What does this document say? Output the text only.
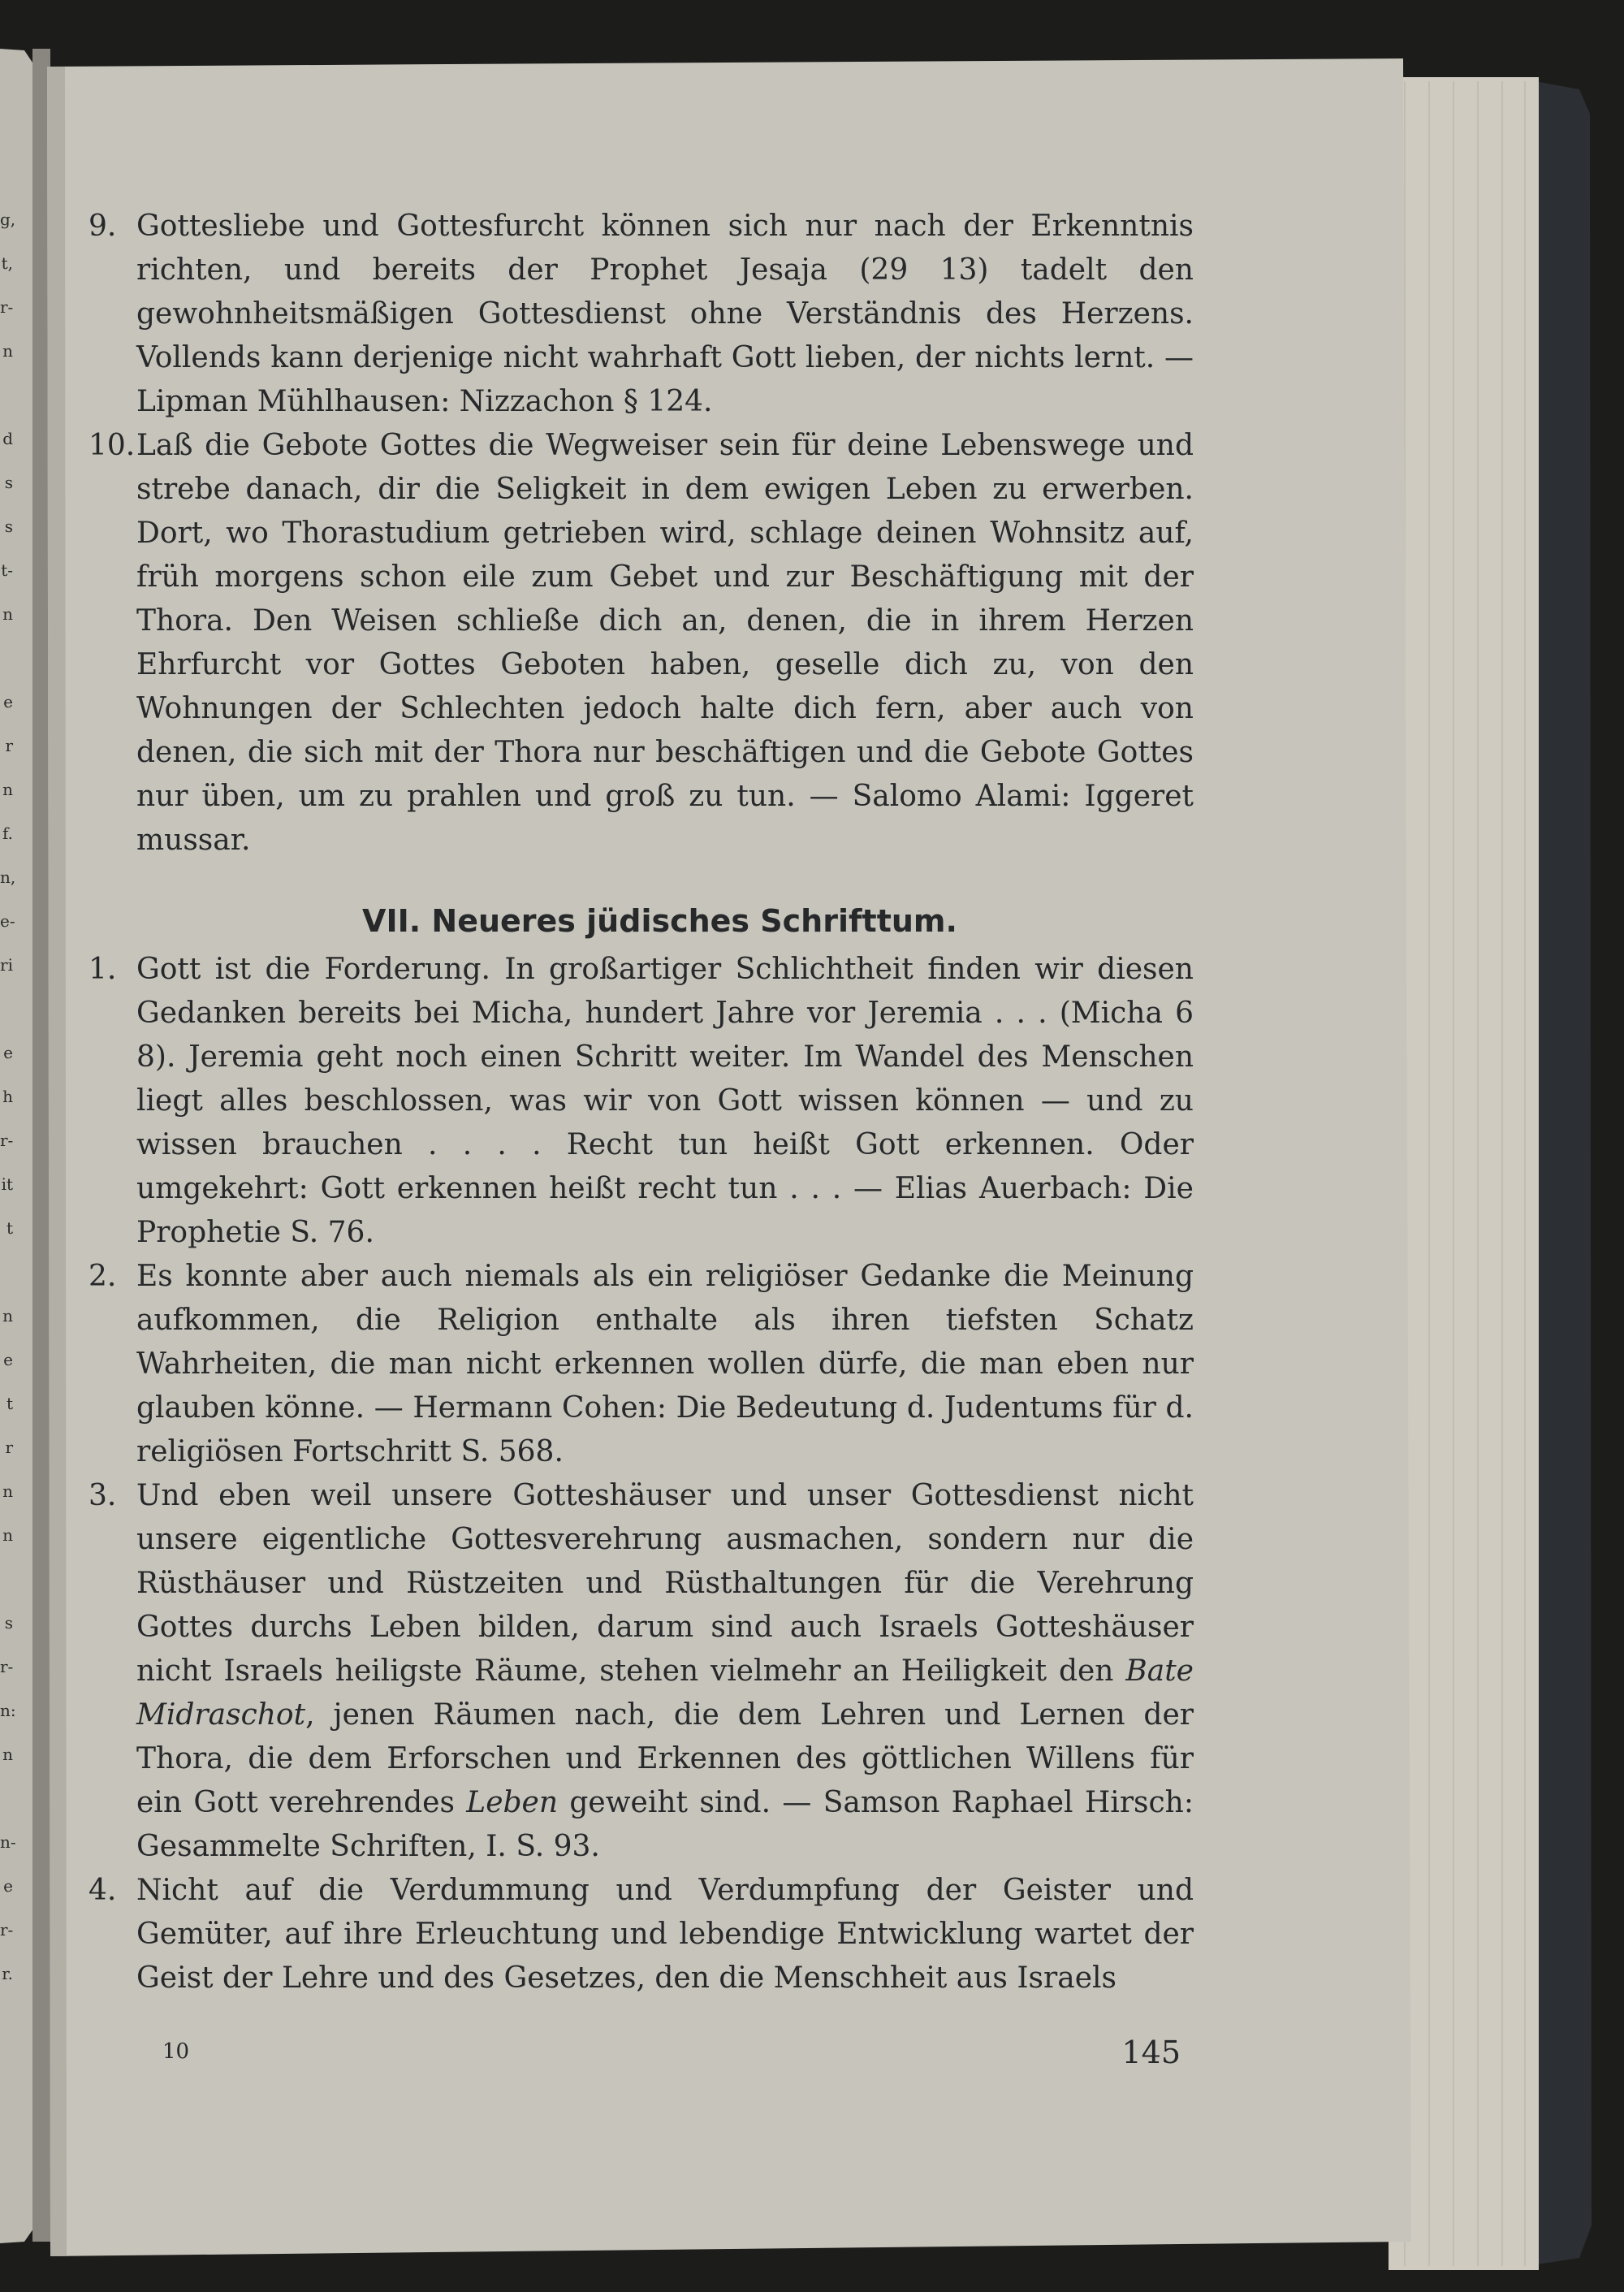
g,
t,
r-
n
d
s
s
t-
n
e
r
n
f.
n,
e-
ri
e
h
r-
it
t
n
e
t
r
n
n
s
r-
n:
n
n-
e
r-
r.
9. Gottesliebe und Gottesfurcht können sich nur nach der Erkenntnis richten, und bereits der Prophet Jesaja (29 13) tadelt den gewohnheitsmäßigen Gottesdienst ohne Verständnis des Herzens. Vollends kann derjenige nicht wahrhaft Gott lieben, der nichts lernt. — Lipman Mühlhausen: Nizzachon § 124.

10. Laß die Gebote Gottes die Wegweiser sein für deine Lebenswege und strebe danach, dir die Seligkeit in dem ewigen Leben zu erwerben. Dort, wo Thorastudium getrieben wird, schlage deinen Wohnsitz auf, früh morgens schon eile zum Gebet und zur Beschäftigung mit der Thora. Den Weisen schließe dich an, denen, die in ihrem Herzen Ehrfurcht vor Gottes Geboten haben, geselle dich zu, von den Wohnungen der Schlechten jedoch halte dich fern, aber auch von denen, die sich mit der Thora nur beschäftigen und die Gebote Gottes nur üben, um zu prahlen und groß zu tun. — Salomo Alami: Iggeret mussar.

VII. Neueres jüdisches Schrifttum.
1. Gott ist die Forderung. In großartiger Schlichtheit finden wir diesen Gedanken bereits bei Micha, hundert Jahre vor Jeremia . . . (Micha 6 8). Jeremia geht noch einen Schritt weiter. Im Wandel des Menschen liegt alles beschlossen, was wir von Gott wissen können — und zu wissen brauchen . . . . Recht tun heißt Gott erkennen. Oder umgekehrt: Gott erkennen heißt recht tun . . . — Elias Auerbach: Die Prophetie S. 76.

2. Es konnte aber auch niemals als ein religiöser Gedanke die Meinung aufkommen, die Religion enthalte als ihren tiefsten Schatz Wahrheiten, die man nicht erkennen wollen dürfe, die man eben nur glauben könne. — Hermann Cohen: Die Bedeutung d. Judentums für d. religiösen Fortschritt S. 568.

3. Und eben weil unsere Gotteshäuser und unser Gottesdienst nicht unsere eigentliche Gottesverehrung ausmachen, sondern nur die Rüsthäuser und Rüstzeiten und Rüsthaltungen für die Verehrung Gottes durchs Leben bilden, darum sind auch Israels Gotteshäuser nicht Israels heiligste Räume, stehen vielmehr an Heiligkeit den Bate Midraschot, jenen Räumen nach, die dem Lehren und Lernen der Thora, die dem Erforschen und Erkennen des göttlichen Willens für ein Gott verehrendes Leben geweiht sind. — Samson Raphael Hirsch: Gesammelte Schriften, I. S. 93.

4. Nicht auf die Verdummung und Verdumpfung der Geister und Gemüter, auf ihre Erleuchtung und lebendige Entwicklung wartet der Geist der Lehre und des Gesetzes, den die Menschheit aus Israels

10	145
